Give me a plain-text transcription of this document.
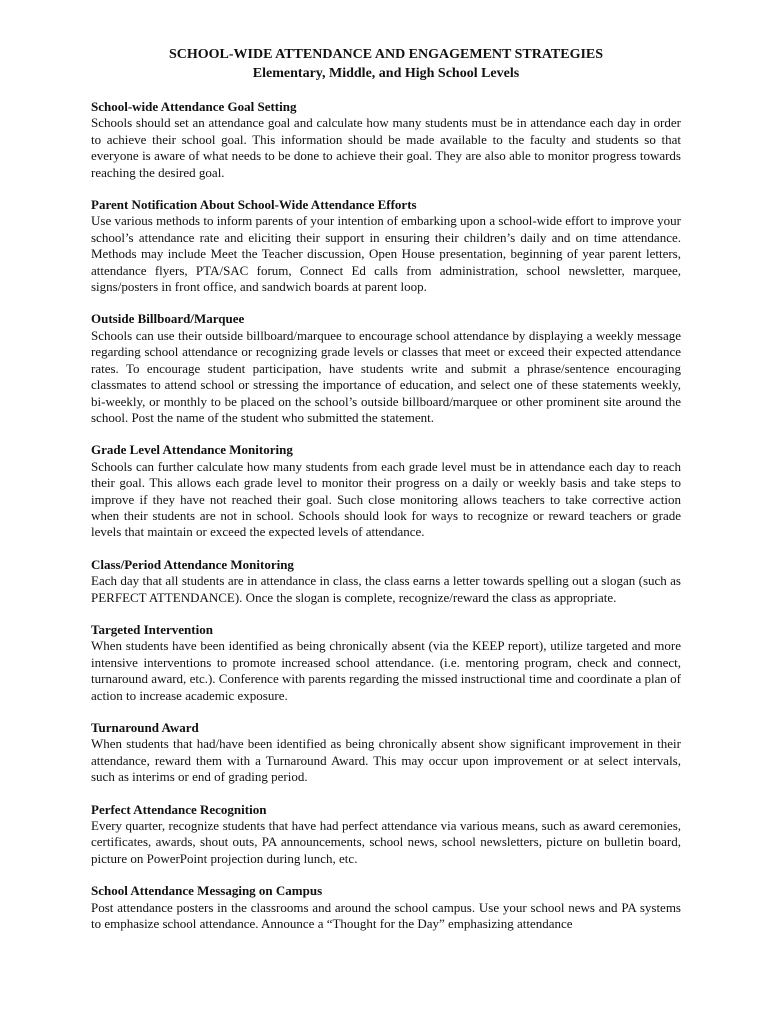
SCHOOL-WIDE ATTENDANCE AND ENGAGEMENT STRATEGIES
Elementary, Middle, and High School Levels
School-wide Attendance Goal Setting
Schools should set an attendance goal and calculate how many students must be in attendance each day in order to achieve their school goal. This information should be made available to the faculty and students so that everyone is aware of what needs to be done to achieve their goal. They are also able to monitor progress towards reaching the desired goal.
Parent Notification About School-Wide Attendance Efforts
Use various methods to inform parents of your intention of embarking upon a school-wide effort to improve your school’s attendance rate and eliciting their support in ensuring their children’s daily and on time attendance. Methods may include Meet the Teacher discussion, Open House presentation, beginning of year parent letters, attendance flyers, PTA/SAC forum, Connect Ed calls from administration, school newsletter, marquee, signs/posters in front office, and sandwich boards at parent loop.
Outside Billboard/Marquee
Schools can use their outside billboard/marquee to encourage school attendance by displaying a weekly message regarding school attendance or recognizing grade levels or classes that meet or exceed their expected attendance rates. To encourage student participation, have students write and submit a phrase/sentence encouraging classmates to attend school or stressing the importance of education, and select one of these statements weekly, bi-weekly, or monthly to be placed on the school’s outside billboard/marquee or other prominent site around the school. Post the name of the student who submitted the statement.
Grade Level Attendance Monitoring
Schools can further calculate how many students from each grade level must be in attendance each day to reach their goal. This allows each grade level to monitor their progress on a daily or weekly basis and take steps to improve if they have not reached their goal. Such close monitoring allows teachers to take corrective action when their students are not in school. Schools should look for ways to recognize or reward teachers or grade levels that maintain or exceed the expected levels of attendance.
Class/Period Attendance Monitoring
Each day that all students are in attendance in class, the class earns a letter towards spelling out a slogan (such as PERFECT ATTENDANCE). Once the slogan is complete, recognize/reward the class as appropriate.
Targeted Intervention
When students have been identified as being chronically absent (via the KEEP report), utilize targeted and more intensive interventions to promote increased school attendance. (i.e. mentoring program, check and connect, turnaround award, etc.). Conference with parents regarding the missed instructional time and coordinate a plan of action to increase academic exposure.
Turnaround Award
When students that had/have been identified as being chronically absent show significant improvement in their attendance, reward them with a Turnaround Award. This may occur upon improvement or at select intervals, such as interims or end of grading period.
Perfect Attendance Recognition
Every quarter, recognize students that have had perfect attendance via various means, such as award ceremonies, certificates, awards, shout outs, PA announcements, school news, school newsletters, picture on bulletin board, picture on PowerPoint projection during lunch, etc.
School Attendance Messaging on Campus
Post attendance posters in the classrooms and around the school campus. Use your school news and PA systems to emphasize school attendance. Announce a “Thought for the Day” emphasizing attendance
